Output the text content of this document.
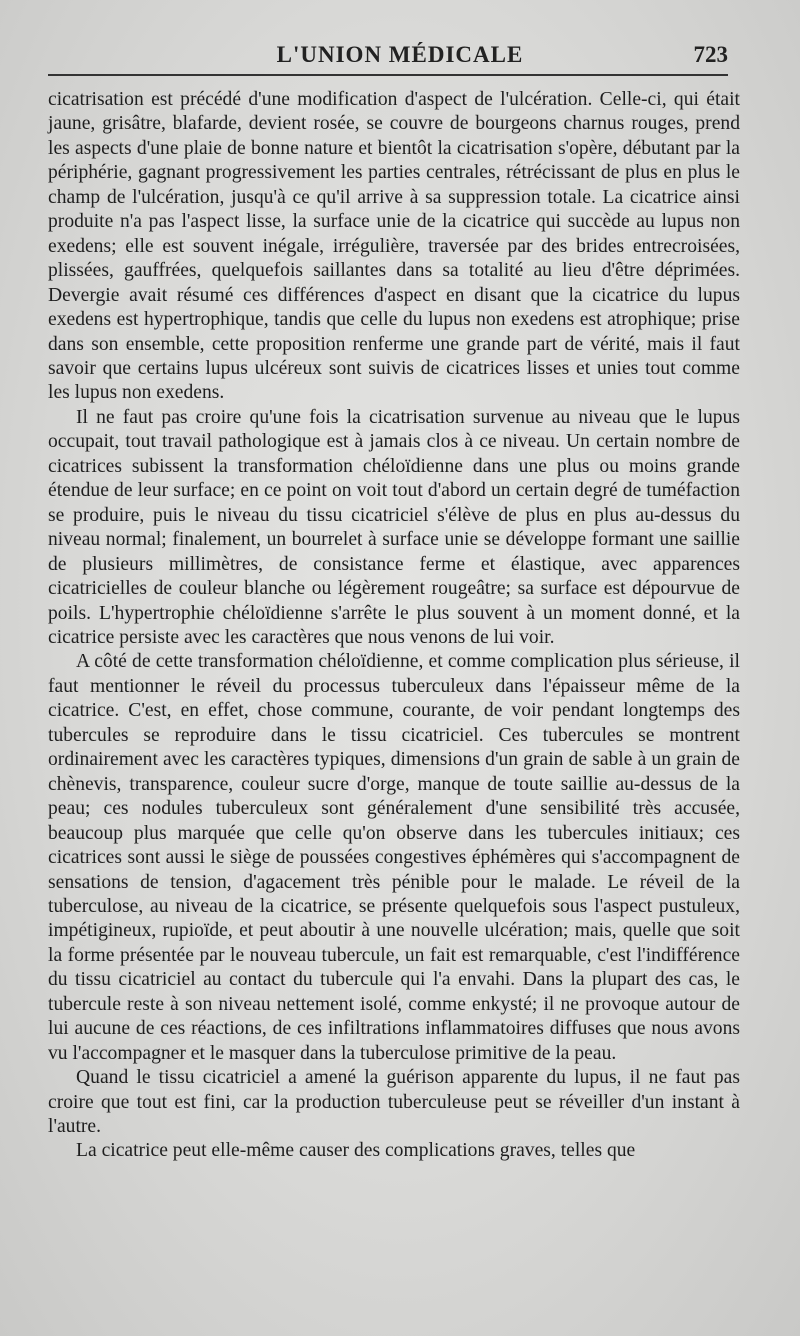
L'UNION MÉDICALE	723

cicatrisation est précédé d'une modification d'aspect de l'ulcération. Celle-ci, qui était jaune, grisâtre, blafarde, devient rosée, se couvre de bourgeons charnus rouges, prend les aspects d'une plaie de bonne nature et bientôt la cicatrisation s'opère, débutant par la périphérie, gagnant progressivement les parties centrales, rétrécissant de plus en plus le champ de l'ulcération, jusqu'à ce qu'il arrive à sa suppression totale. La cicatrice ainsi produite n'a pas l'aspect lisse, la surface unie de la cicatrice qui succède au lupus non exedens; elle est souvent inégale, irrégulière, traversée par des brides entrecroisées, plissées, gauffrées, quelquefois saillantes dans sa totalité au lieu d'être déprimées. Devergie avait résumé ces différences d'aspect en disant que la cicatrice du lupus exedens est hypertrophique, tandis que celle du lupus non exedens est atrophique; prise dans son ensemble, cette proposition renferme une grande part de vérité, mais il faut savoir que certains lupus ulcéreux sont suivis de cicatrices lisses et unies tout comme les lupus non exedens.

Il ne faut pas croire qu'une fois la cicatrisation survenue au niveau que le lupus occupait, tout travail pathologique est à jamais clos à ce niveau. Un certain nombre de cicatrices subissent la transformation chéloïdienne dans une plus ou moins grande étendue de leur surface; en ce point on voit tout d'abord un certain degré de tuméfaction se produire, puis le niveau du tissu cicatriciel s'élève de plus en plus au-dessus du niveau normal; finalement, un bourrelet à surface unie se développe formant une saillie de plusieurs millimètres, de consistance ferme et élastique, avec apparences cicatricielles de couleur blanche ou légèrement rougeâtre; sa surface est dépourvue de poils. L'hypertrophie chéloïdienne s'arrête le plus souvent à un moment donné, et la cicatrice persiste avec les caractères que nous venons de lui voir.

A côté de cette transformation chéloïdienne, et comme complication plus sérieuse, il faut mentionner le réveil du processus tuberculeux dans l'épaisseur même de la cicatrice. C'est, en effet, chose commune, courante, de voir pendant longtemps des tubercules se reproduire dans le tissu cicatriciel. Ces tubercules se montrent ordinairement avec les caractères typiques, dimensions d'un grain de sable à un grain de chènevis, transparence, couleur sucre d'orge, manque de toute saillie au-dessus de la peau; ces nodules tuberculeux sont généralement d'une sensibilité très accusée, beaucoup plus marquée que celle qu'on observe dans les tubercules initiaux; ces cicatrices sont aussi le siège de poussées congestives éphémères qui s'accompagnent de sensations de tension, d'agacement très pénible pour le malade. Le réveil de la tuberculose, au niveau de la cicatrice, se présente quelquefois sous l'aspect pustuleux, impétigineux, rupioïde, et peut aboutir à une nouvelle ulcération; mais, quelle que soit la forme présentée par le nouveau tubercule, un fait est remarquable, c'est l'indifférence du tissu cicatriciel au contact du tubercule qui l'a envahi. Dans la plupart des cas, le tubercule reste à son niveau nettement isolé, comme enkysté; il ne provoque autour de lui aucune de ces réactions, de ces infiltrations inflammatoires diffuses que nous avons vu l'accompagner et le masquer dans la tuberculose primitive de la peau.

Quand le tissu cicatriciel a amené la guérison apparente du lupus, il ne faut pas croire que tout est fini, car la production tuberculeuse peut se réveiller d'un instant à l'autre.

La cicatrice peut elle-même causer des complications graves, telles que
